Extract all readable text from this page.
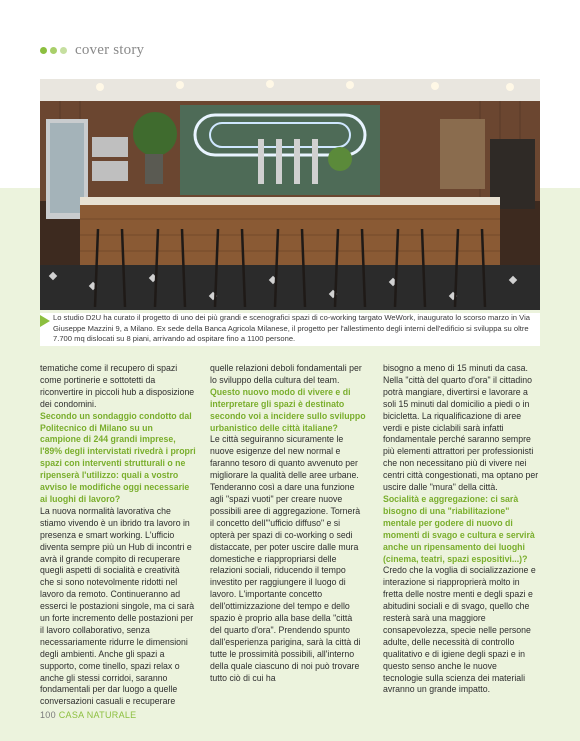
cover story
Lo studio D2U ha curato il progetto di uno dei più grandi e scenografici spazi di co-working targato WeWork, inaugurato lo scorso marzo in Via Giuseppe Mazzini 9, a Milano. Ex sede della Banca Agricola Milanese, il progetto per l'allestimento degli interni dell'edificio si sviluppa su oltre 7.700 mq dislocati su 8 piani, arrivando ad ospitare fino a 1100 persone.

tematiche come il recupero di spazi come portinerie e sottotetti da riconvertire in piccoli hub a disposizione dei condomini.

Secondo un sondaggio condotto dal Politecnico di Milano su un campione di 244 grandi imprese, l'89% degli intervistati rivedrà i propri spazi con interventi strutturali o ne ripenserà l'utilizzo: quali a vostro avviso le modifiche oggi necessarie ai luoghi di lavoro?

La nuova normalità lavorativa che stiamo vivendo è un ibrido tra lavoro in presenza e smart working. L'ufficio diventa sempre più un Hub di incontri e avrà il grande compito di recuperare quegli aspetti di socialità e creatività che si sono notevolmente ridotti nel lavoro da remoto. Continueranno ad esserci le postazioni singole, ma ci sarà un forte incremento delle postazioni per il lavoro collaborativo, senza necessariamente ridurre le dimensioni degli ambienti. Anche gli spazi a supporto, come tinello, spazi relax o anche gli stessi corridoi, saranno fondamentali per dar luogo a quelle conversazioni casuali e recuperare

quelle relazioni deboli fondamentali per lo sviluppo della cultura del team.

Questo nuovo modo di vivere e di interpretare gli spazi è destinato secondo voi a incidere sullo sviluppo urbanistico delle città italiane?

Le città seguiranno sicuramente le nuove esigenze del new normal e faranno tesoro di quanto avvenuto per migliorare la qualità delle aree urbane. Tenderanno così a dare una funzione agli "spazi vuoti" per creare nuove possibili aree di aggregazione. Tornerà il concetto dell'"ufficio diffuso" e si opterà per spazi di co-working o sedi distaccate, per poter uscire dalle mura domestiche e riappropriarsi delle relazioni sociali, riducendo il tempo investito per raggiungere il luogo di lavoro. L'importante concetto dell'ottimizzazione del tempo e dello spazio è proprio alla base della "città del quarto d'ora". Prendendo spunto dall'esperienza parigina, sarà la città di tutte le prossimità possibili, all'interno della quale ciascuno di noi può trovare tutto ciò di cui ha

bisogno a meno di 15 minuti da casa. Nella "città del quarto d'ora" il cittadino potrà mangiare, divertirsi e lavorare a soli 15 minuti dal domicilio a piedi o in bicicletta. La riqualificazione di aree verdi e piste ciclabili sarà infatti fondamentale perché saranno sempre più elementi attrattori per professionisti che non necessitano più di vivere nei centri città congestionati, ma optano per uscire dalle "mura" della città.

Socialità e aggregazione: ci sarà bisogno di una "riabilitazione" mentale per godere di nuovo di momenti di svago e cultura e servirà anche un ripensamento dei luoghi (cinema, teatri, spazi espositivi...)?

Credo che la voglia di socializzazione e interazione si riapproprierà molto in fretta delle nostre menti e degli spazi e abitudini sociali e di svago, quello che resterà sarà una maggiore consapevolezza, specie nelle persone adulte, delle necessità di controllo qualitativo e di igiene degli spazi e in questo senso anche le nuove tecnologie sulla scienza dei materiali avranno un grande impatto.

100 CASA NATURALE
